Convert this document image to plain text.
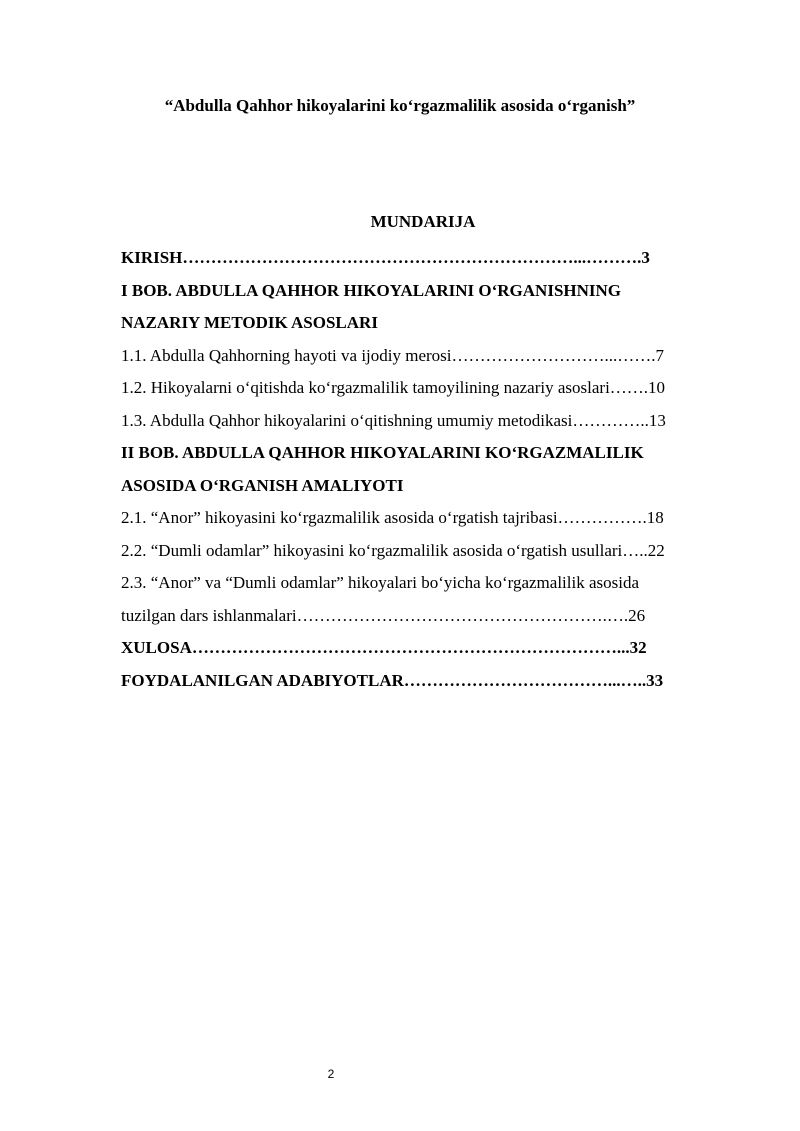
“Abdulla Qahhor hikoyalarini ko‘rgazmalilik asosida o‘rganish”
MUNDARIJA
KIRISH……………………………………………………………...……….3
I BOB. ABDULLA QAHHOR HIKOYALARINI O‘RGANISHNING
NAZARIY METODIK ASOSLARI
1.1. Abdulla Qahhorning hayoti va ijodiy merosi………………………...…….7
1.2. Hikoyalarni o‘qitishda ko‘rgazmalilik tamoyilining nazariy asoslari…….10
1.3. Abdulla Qahhor hikoyalarini o‘qitishning umumiy metodikasi…………..13
II BOB. ABDULLA QAHHOR HIKOYALARINI KO‘RGAZMALILIK
ASOSIDA O‘RGANISH AMALIYOTI
2.1. “Anor” hikoyasini ko‘rgazmalilik asosida o‘rgatish tajribasi…………….18
2.2. “Dumli odamlar” hikoyasini ko‘rgazmalilik asosida o‘rgatish usullari…..22
2.3. “Anor” va “Dumli odamlar” hikoyalari bo‘yicha ko‘rgazmalilik asosida
tuzilgan dars ishlanmalari……………………………………………….….26
XULOSA…………………………………………………………………...32
FOYDALANILGAN ADABIYOTLAR………………………………...…..33
2
